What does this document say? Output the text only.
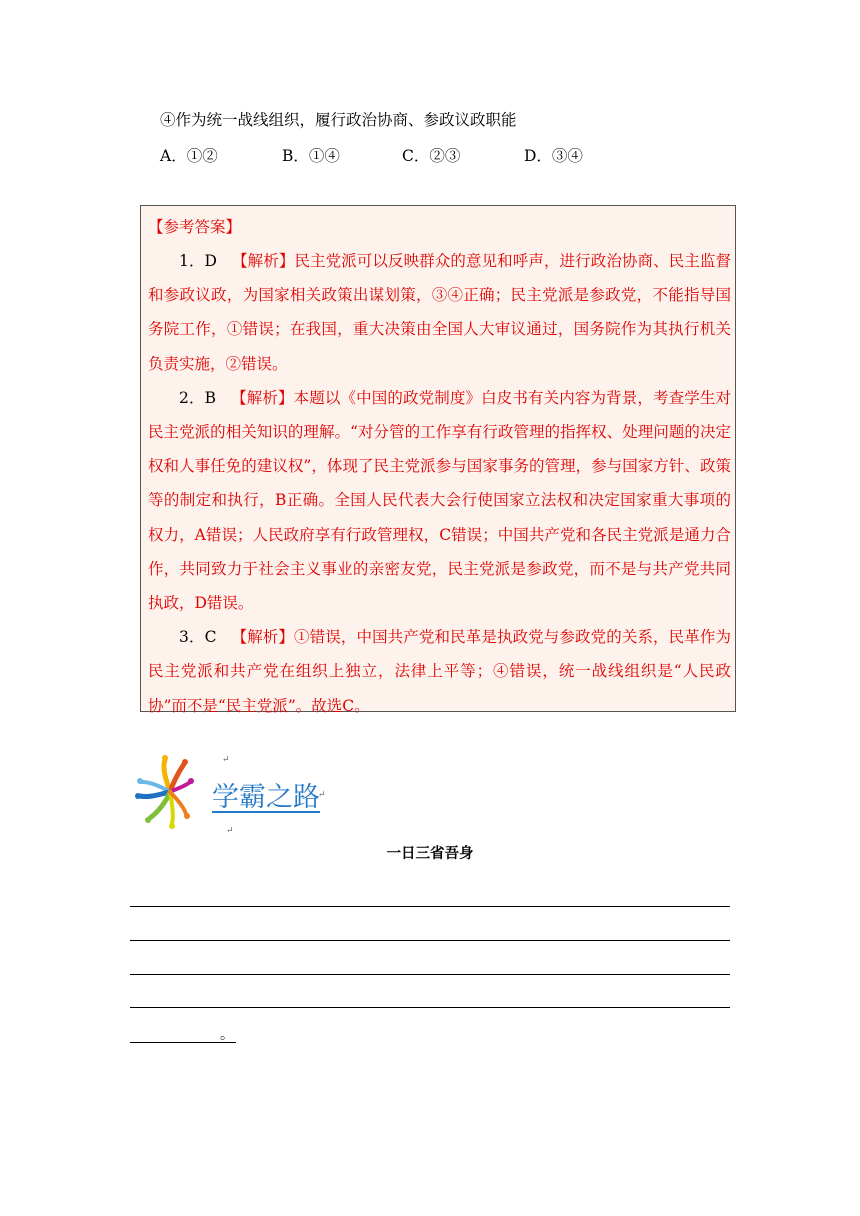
④作为统一战线组织，履行政治协商、参政议政职能
A．①②	B．①④	C．②③	D．③④
【参考答案】

1．D 【解析】民主党派可以反映群众的意见和呼声，进行政治协商、民主监督和参政议政，为国家相关政策出谋划策，③④正确；民主党派是参政党，不能指导国务院工作，①错误；在我国，重大决策由全国人大审议通过，国务院作为其执行机关负责实施，②错误。

2．B 【解析】本题以《中国的政党制度》白皮书有关内容为背景，考查学生对民主党派的相关知识的理解。“对分管的工作享有行政管理的指挥权、处理问题的决定权和人事任免的建议权”，体现了民主党派参与国家事务的管理，参与国家方针、政策等的制定和执行，B正确。全国人民代表大会行使国家立法权和决定国家重大事项的权力，A错误；人民政府享有行政管理权，C错误；中国共产党和各民主党派是通力合作，共同致力于社会主义事业的亲密友党，民主党派是参政党，而不是与共产党共同执政，D错误。

3．C 【解析】①错误，中国共产党和民革是执政党与参政党的关系，民革作为民主党派和共产党在组织上独立，法律上平等；④错误，统一战线组织是“人民政协”而不是“民主党派”。故选C。

↵
学霸之路
↵
↵
一日三省吾身
。
